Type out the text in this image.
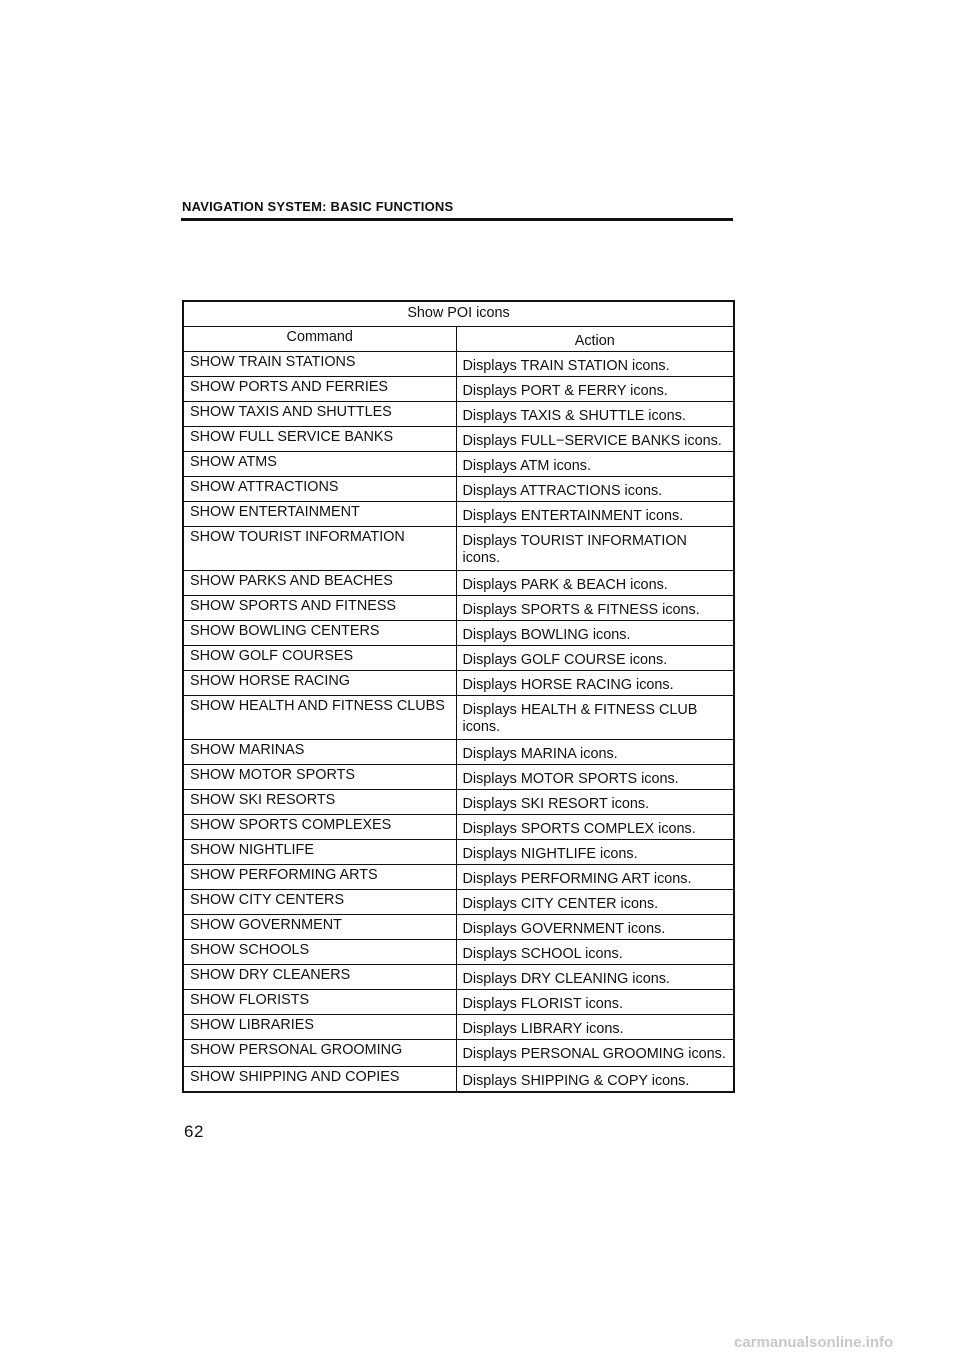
NAVIGATION SYSTEM: BASIC FUNCTIONS
Show POI icons	
Command	Action
SHOW TRAIN STATIONS	Displays TRAIN STATION icons.
SHOW PORTS AND FERRIES	Displays PORT & FERRY icons.
SHOW TAXIS AND SHUTTLES	Displays TAXIS & SHUTTLE icons.
SHOW FULL SERVICE BANKS	Displays FULL−SERVICE BANKS icons.
SHOW ATMS	Displays ATM icons.
SHOW ATTRACTIONS	Displays ATTRACTIONS icons.
SHOW ENTERTAINMENT	Displays ENTERTAINMENT icons.
SHOW TOURIST INFORMATION	Displays TOURIST INFORMATION icons.
SHOW PARKS AND BEACHES	Displays PARK & BEACH icons.
SHOW SPORTS AND FITNESS	Displays SPORTS & FITNESS icons.
SHOW BOWLING CENTERS	Displays BOWLING icons.
SHOW GOLF COURSES	Displays GOLF COURSE icons.
SHOW HORSE RACING	Displays HORSE RACING icons.
SHOW HEALTH AND FITNESS CLUBS	Displays HEALTH & FITNESS CLUB icons.
SHOW MARINAS	Displays MARINA icons.
SHOW MOTOR SPORTS	Displays MOTOR SPORTS icons.
SHOW SKI RESORTS	Displays SKI RESORT icons.
SHOW SPORTS COMPLEXES	Displays SPORTS COMPLEX icons.
SHOW NIGHTLIFE	Displays NIGHTLIFE icons.
SHOW PERFORMING ARTS	Displays PERFORMING ART icons.
SHOW CITY CENTERS	Displays CITY CENTER icons.
SHOW GOVERNMENT	Displays GOVERNMENT icons.
SHOW SCHOOLS	Displays SCHOOL icons.
SHOW DRY CLEANERS	Displays DRY CLEANING icons.
SHOW FLORISTS	Displays FLORIST icons.
SHOW LIBRARIES	Displays LIBRARY icons.
SHOW PERSONAL GROOMING	Displays PERSONAL GROOMING icons.
SHOW SHIPPING AND COPIES	Displays SHIPPING & COPY icons.
62
carmanualsonline.info
